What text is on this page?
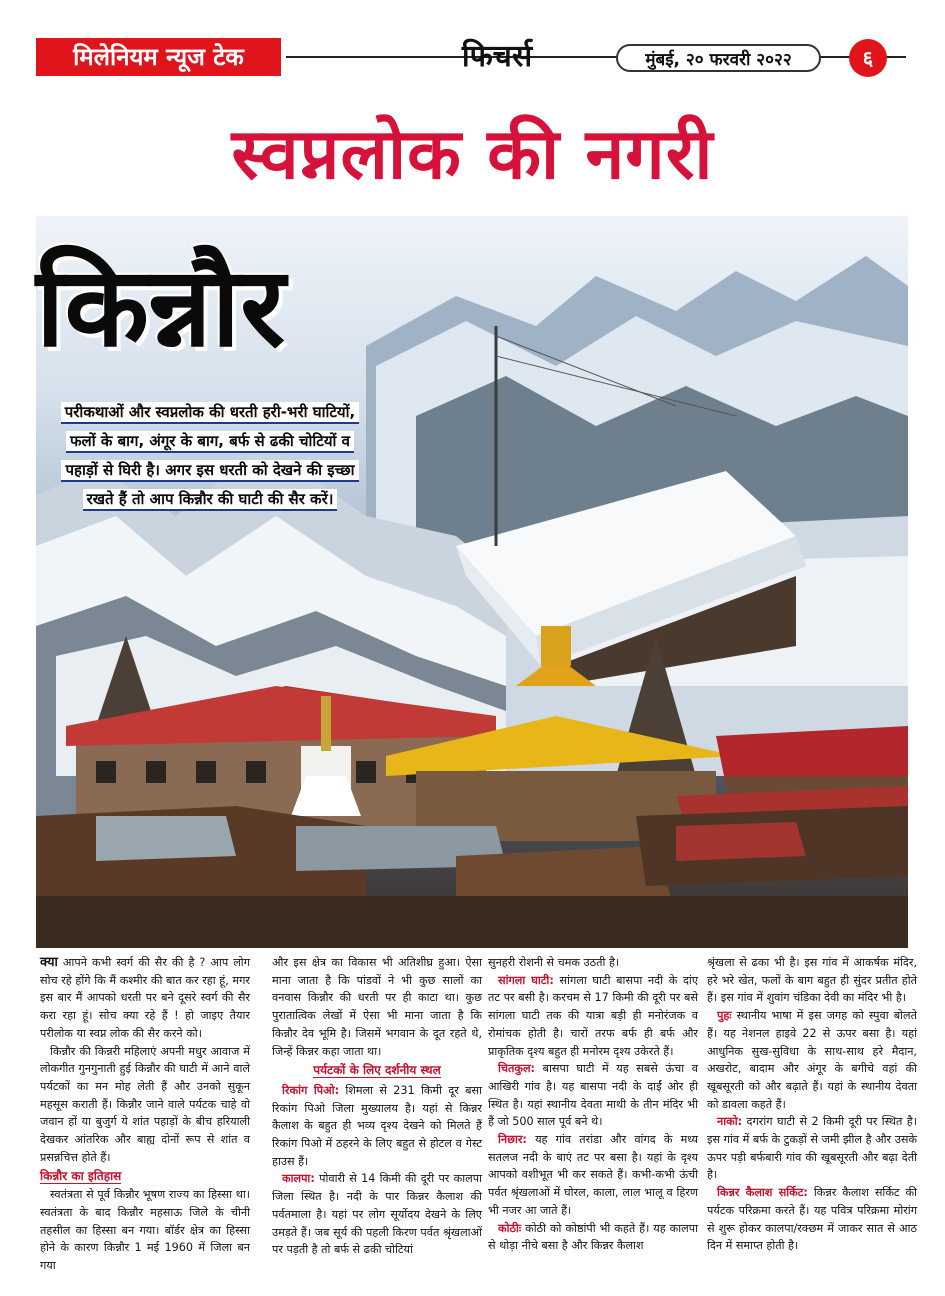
मिलेनियम न्यूज टेक	फिचर्स	मुंबई, २० फरवरी २०२२	६
स्वप्नलोक की नगरी
किन्नौर
परीकथाओं और स्वप्नलोक की धरती हरी-भरी घाटियों,
फलों के बाग, अंगूर के बाग, बर्फ से ढकी चोटियों व
पहाड़ों से घिरी है। अगर इस धरती को देखने की इच्छा
रखते हैं तो आप किन्नौर की घाटी की सैर करें।

क्या आपने कभी स्वर्ग की सैर की है ? आप लोग सोच रहे होंगे कि मैं कश्मीर की बात कर रहा हूं, मगर इस बार मैं आपको धरती पर बने दूसरे स्वर्ग की सैर करा रहा हूं। सोच क्या रहे हैं ! हो जाइए तैयार परीलोक या स्वप्न लोक की सैर करने को।

किन्नौर की किन्नरी महिलाएं अपनी मधुर आवाज में लोकगीत गुनगुनाती हुई किन्नौर की घाटी में आने वाले पर्यटकों का मन मोह लेती हैं और उनको सुकून महसूस कराती हैं। किन्नौर जाने वाले पर्यटक चाहे वो जवान हों या बुजुर्ग ये शांत पहाड़ों के बीच हरियाली देखकर आंतरिक और बाह्य दोनों रूप से शांत व प्रसन्नचित्त होते हैं।

किन्नौर का इतिहास

स्वतंत्रता से पूर्व किन्नौर भूषण राज्य का हिस्सा था। स्वतंत्रता के बाद किन्नौर महसाऊ जिले के चीनी तहसील का हिस्सा बन गया। बॉर्डर क्षेत्र का हिस्सा होने के कारण किन्नौर 1 मई 1960 में जिला बन गया

और इस क्षेत्र का विकास भी अतिशीघ्र हुआ। ऐसा माना जाता है कि पांडवों ने भी कुछ सालों का वनवास किन्नौर की धरती पर ही काटा था। कुछ पुरातात्विक लेखों में ऐसा भी माना जाता है कि किन्नौर देव भूमि है। जिसमें भगवान के दूत रहते थे, जिन्हें किन्नर कहा जाता था।

पर्यटकों के लिए दर्शनीय स्थल

रिकांग पिओ: शिमला से 231 किमी दूर बसा रिकांग पिओ जिला मुख्यालय है। यहां से किन्नर कैलाश के बहुत ही भव्य दृश्य देखने को मिलते हैं रिकांग पिओ में ठहरने के लिए बहुत से होटल व गेस्ट हाउस हैं।

कालपा: पोवारी से 14 किमी की दूरी पर कालपा जिला स्थित है। नदी के पार किन्नर कैलाश की पर्वतमाला है। यहां पर लोग सूर्योदय देखने के लिए उमड़ते हैं। जब सूर्य की पहली किरण पर्वत श्रृंखलाओं पर पड़ती है तो बर्फ से ढकी चोटियां

सुनहरी रोशनी से चमक उठती है।

सांगला घाटी: सांगला घाटी बासपा नदी के दांए तट पर बसी है। करचम से 17 किमी की दूरी पर बसे सांगला घाटी तक की यात्रा बड़ी ही मनोरंजक व रोमांचक होती है। चारों तरफ बर्फ ही बर्फ और प्राकृतिक दृश्य बहुत ही मनोरम दृश्य उकेरते हैं।

चितकुल: बासपा घाटी में यह सबसे ऊंचा व आखिरी गांव है। यह बासपा नदी के दाईं ओर ही स्थित है। यहां स्थानीय देवता माथी के तीन मंदिर भी हैं जो 500 साल पूर्व बने थे।

निछार: यह गांव तरांडा और वांगद के मध्य सतलज नदी के बाएं तट पर बसा है। यहां के दृश्य आपको वशीभूत भी कर सकते हैं। कभी-कभी ऊंची पर्वत श्रृंखलाओं में घोरल, काला, लाल भालू व हिरण भी नजर आ जाते हैं।

कोठीः कोठी को कोष्ठांपी भी कहते हैं। यह कालपा से थोड़ा नीचे बसा है और किन्नर कैलाश

श्रृंखला से ढका भी है। इस गांव में आकर्षक मंदिर, हरे भरे खेत, फलों के बाग बहुत ही सुंदर प्रतीत होते हैं। इस गांव में शुवांग चंडिका देवी का मंदिर भी है।

पुहः स्थानीय भाषा में इस जगह को स्पुवा बोलते हैं। यह नेशनल हाइवे 22 से ऊपर बसा है। यहां आधुनिक सुख-सुविधा के साथ-साथ हरे मैदान, अखरोट, बादाम और अंगूर के बगीचे वहां की खूबसूरती को और बढ़ाते हैं। यहां के स्थानीय देवता को डावला कहते हैं।

नाको: दगरांग घाटी से 2 किमी दूरी पर स्थित है। इस गांव में बर्फ के टुकड़ों से जमी झील है और उसके ऊपर पड़ी बर्फबारी गांव की खूबसूरती और बढ़ा देती है।

किन्नर कैलाश सर्किट: किन्नर कैलाश सर्किट की पर्यटक परिक्रमा करते हैं। यह पवित्र परिक्रमा मोरांग से शुरू होकर कालपा/रक्छम में जाकर सात से आठ दिन में समाप्त होती है।
